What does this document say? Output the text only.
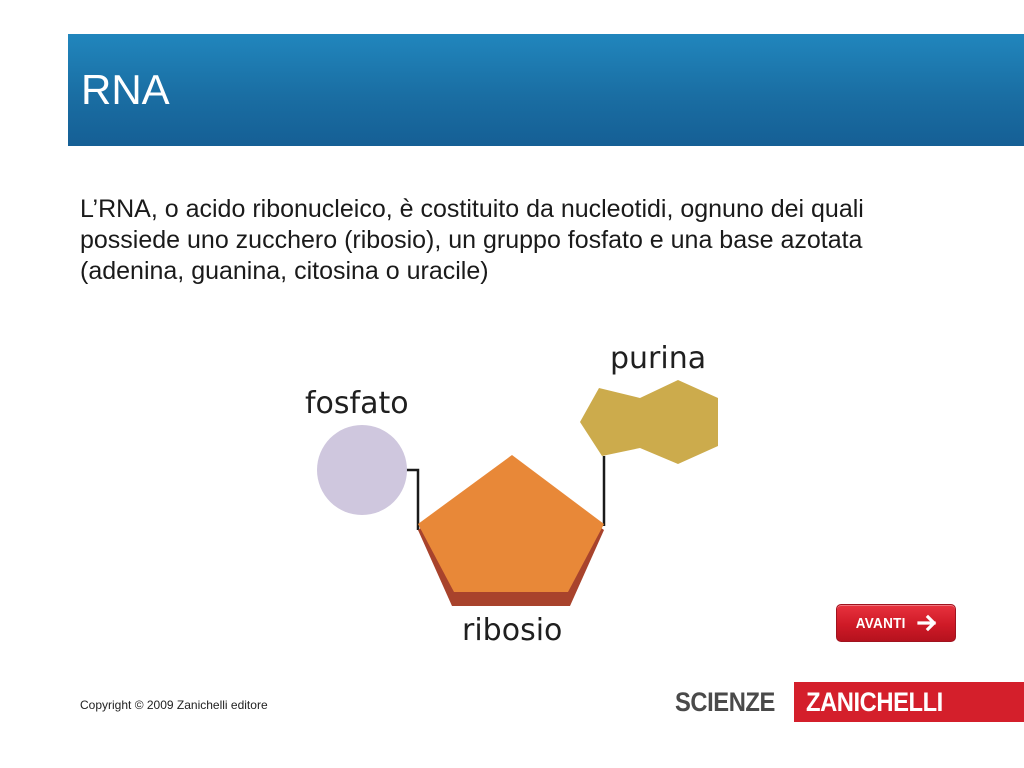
RNA

L’RNA, o acido ribonucleico, è costituito da nucleotidi, ognuno dei quali possiede uno zucchero (ribosio), un gruppo fosfato e una base azotata (adenina, guanina, citosina o uracile)

fosfato
ribosio
purina
AVANTI
Copyright © 2009 Zanichelli editore	SCIENZE ZANICHELLI
